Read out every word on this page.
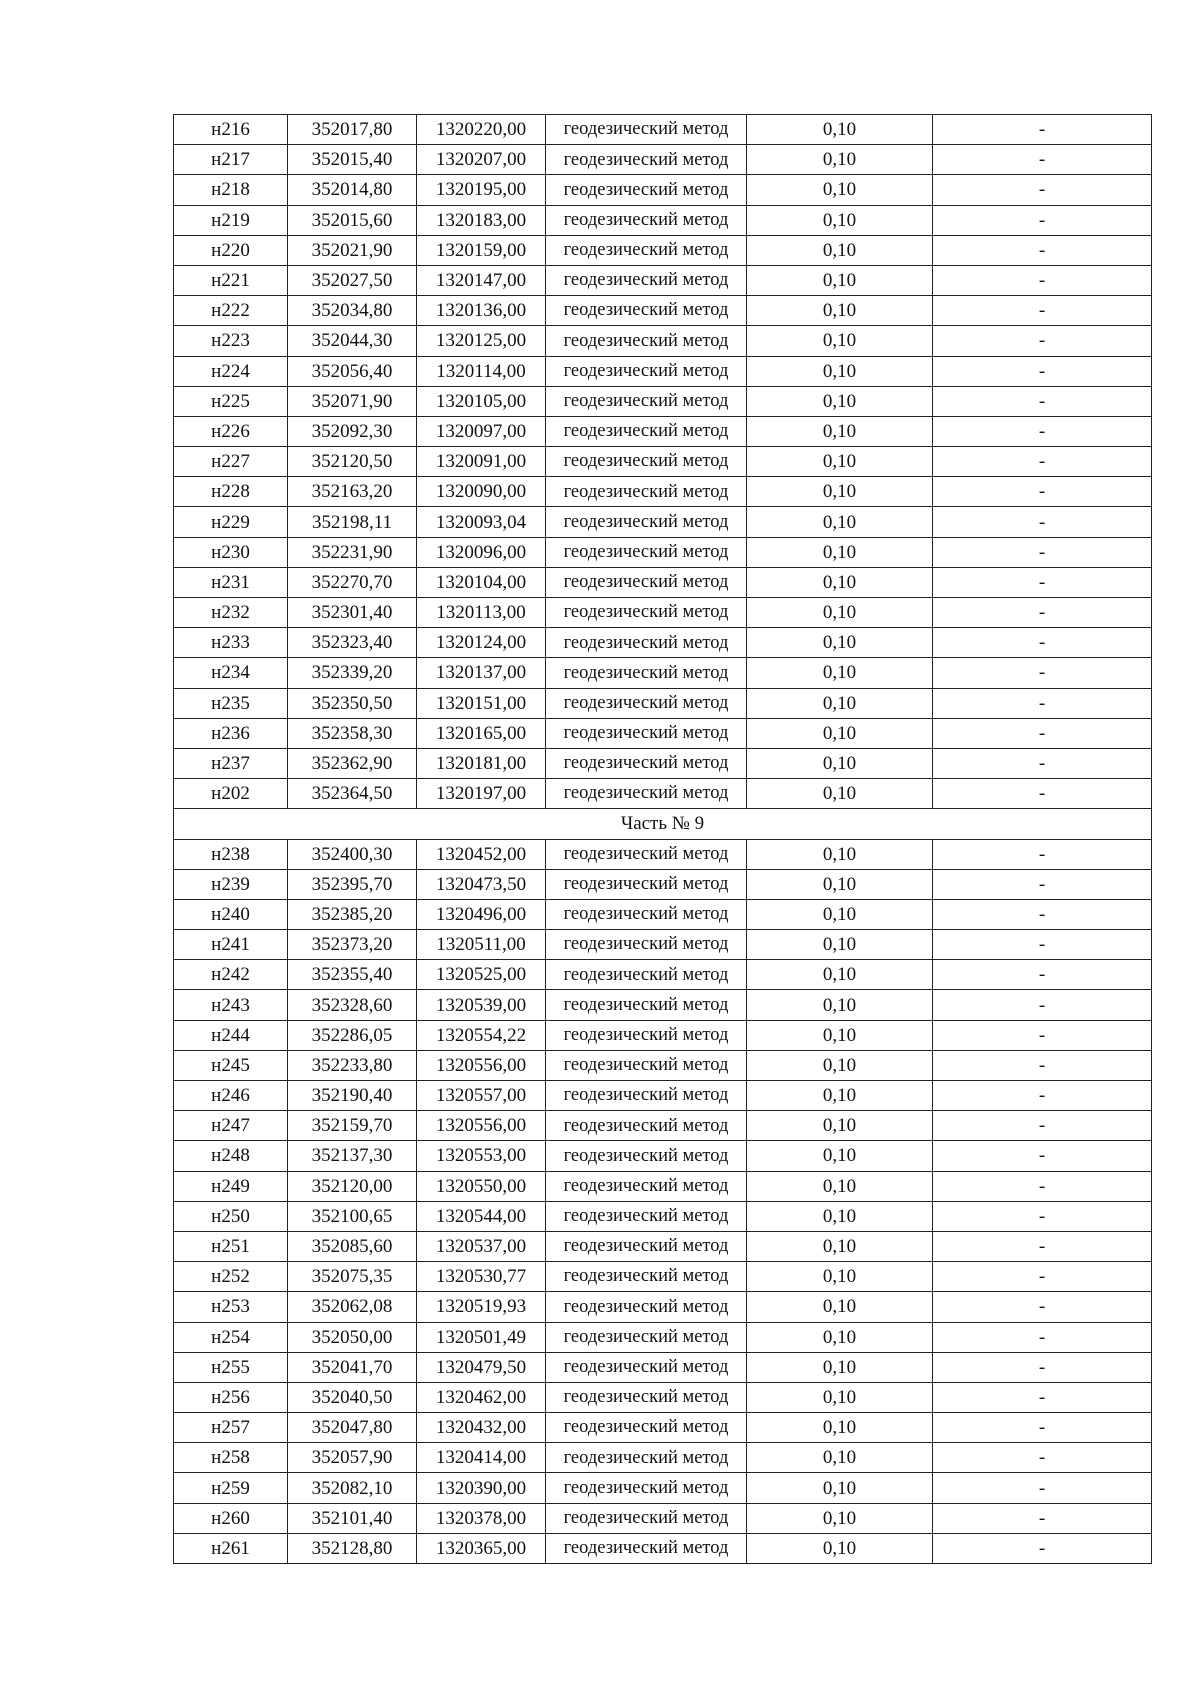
н216	352017,80	1320220,00	геодезический метод	0,10	-
н217	352015,40	1320207,00	геодезический метод	0,10	-
н218	352014,80	1320195,00	геодезический метод	0,10	-
н219	352015,60	1320183,00	геодезический метод	0,10	-
н220	352021,90	1320159,00	геодезический метод	0,10	-
н221	352027,50	1320147,00	геодезический метод	0,10	-
н222	352034,80	1320136,00	геодезический метод	0,10	-
н223	352044,30	1320125,00	геодезический метод	0,10	-
н224	352056,40	1320114,00	геодезический метод	0,10	-
н225	352071,90	1320105,00	геодезический метод	0,10	-
н226	352092,30	1320097,00	геодезический метод	0,10	-
н227	352120,50	1320091,00	геодезический метод	0,10	-
н228	352163,20	1320090,00	геодезический метод	0,10	-
н229	352198,11	1320093,04	геодезический метод	0,10	-
н230	352231,90	1320096,00	геодезический метод	0,10	-
н231	352270,70	1320104,00	геодезический метод	0,10	-
н232	352301,40	1320113,00	геодезический метод	0,10	-
н233	352323,40	1320124,00	геодезический метод	0,10	-
н234	352339,20	1320137,00	геодезический метод	0,10	-
н235	352350,50	1320151,00	геодезический метод	0,10	-
н236	352358,30	1320165,00	геодезический метод	0,10	-
н237	352362,90	1320181,00	геодезический метод	0,10	-
н202	352364,50	1320197,00	геодезический метод	0,10	-
Часть № 9					
н238	352400,30	1320452,00	геодезический метод	0,10	-
н239	352395,70	1320473,50	геодезический метод	0,10	-
н240	352385,20	1320496,00	геодезический метод	0,10	-
н241	352373,20	1320511,00	геодезический метод	0,10	-
н242	352355,40	1320525,00	геодезический метод	0,10	-
н243	352328,60	1320539,00	геодезический метод	0,10	-
н244	352286,05	1320554,22	геодезический метод	0,10	-
н245	352233,80	1320556,00	геодезический метод	0,10	-
н246	352190,40	1320557,00	геодезический метод	0,10	-
н247	352159,70	1320556,00	геодезический метод	0,10	-
н248	352137,30	1320553,00	геодезический метод	0,10	-
н249	352120,00	1320550,00	геодезический метод	0,10	-
н250	352100,65	1320544,00	геодезический метод	0,10	-
н251	352085,60	1320537,00	геодезический метод	0,10	-
н252	352075,35	1320530,77	геодезический метод	0,10	-
н253	352062,08	1320519,93	геодезический метод	0,10	-
н254	352050,00	1320501,49	геодезический метод	0,10	-
н255	352041,70	1320479,50	геодезический метод	0,10	-
н256	352040,50	1320462,00	геодезический метод	0,10	-
н257	352047,80	1320432,00	геодезический метод	0,10	-
н258	352057,90	1320414,00	геодезический метод	0,10	-
н259	352082,10	1320390,00	геодезический метод	0,10	-
н260	352101,40	1320378,00	геодезический метод	0,10	-
н261	352128,80	1320365,00	геодезический метод	0,10	-
